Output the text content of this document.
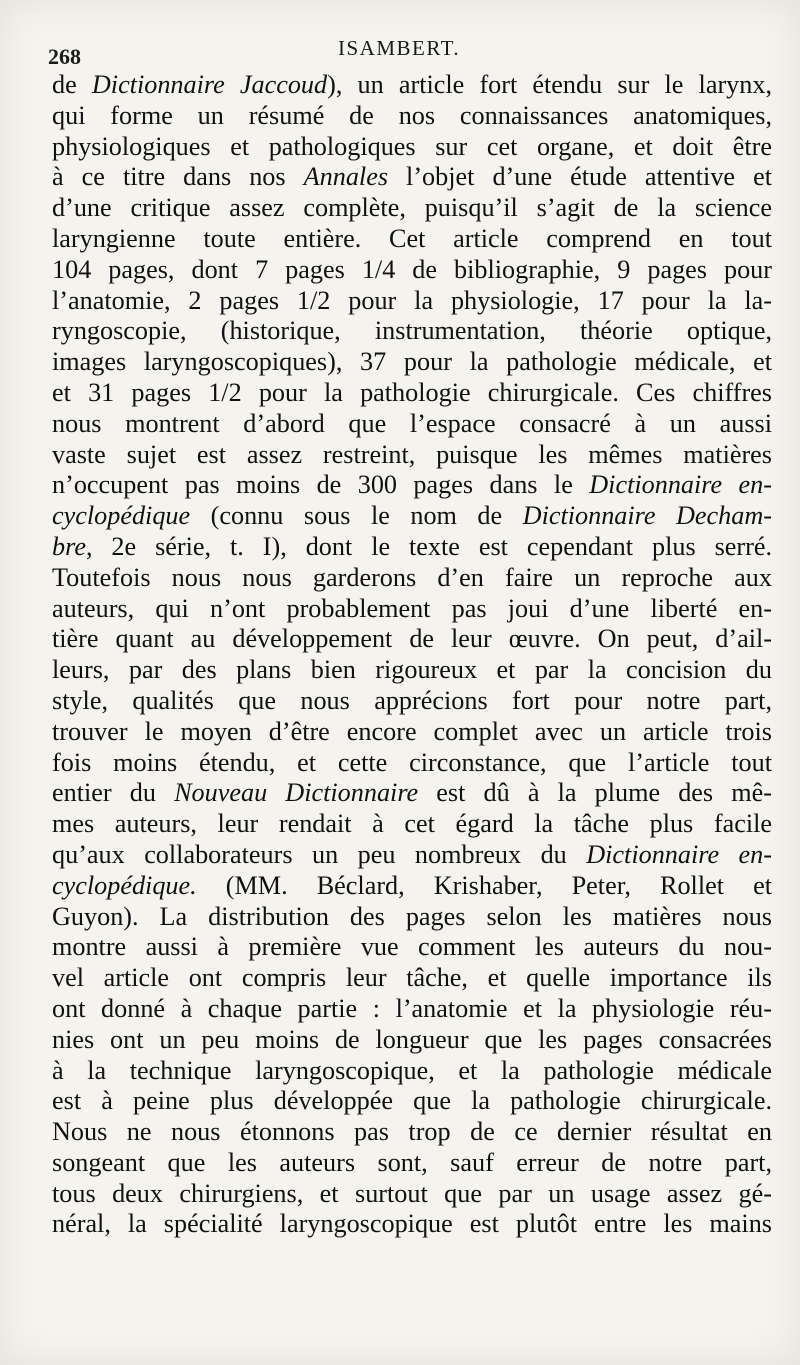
268	ISAMBERT.
de Dictionnaire Jaccoud), un article fort étendu sur le larynx,
qui forme un résumé de nos connaissances anatomiques,
physiologiques et pathologiques sur cet organe, et doit être
à ce titre dans nos Annales l’objet d’une étude attentive et
d’une critique assez complète, puisqu’il s’agit de la science
laryngienne toute entière. Cet article comprend en tout
104 pages, dont 7 pages 1/4 de bibliographie, 9 pages pour
l’anatomie, 2 pages 1/2 pour la physiologie, 17 pour la la-
ryngoscopie, (historique, instrumentation, théorie optique,
images laryngoscopiques), 37 pour la pathologie médicale, et
et 31 pages 1/2 pour la pathologie chirurgicale. Ces chiffres
nous montrent d’abord que l’espace consacré à un aussi
vaste sujet est assez restreint, puisque les mêmes matières
n’occupent pas moins de 300 pages dans le Dictionnaire en-
cyclopédique (connu sous le nom de Dictionnaire Decham-
bre, 2e série, t. I), dont le texte est cependant plus serré.
Toutefois nous nous garderons d’en faire un reproche aux
auteurs, qui n’ont probablement pas joui d’une liberté en-
tière quant au développement de leur œuvre. On peut, d’ail-
leurs, par des plans bien rigoureux et par la concision du
style, qualités que nous apprécions fort pour notre part,
trouver le moyen d’être encore complet avec un article trois
fois moins étendu, et cette circonstance, que l’article tout
entier du Nouveau Dictionnaire est dû à la plume des mê-
mes auteurs, leur rendait à cet égard la tâche plus facile
qu’aux collaborateurs un peu nombreux du Dictionnaire en-
cyclopédique. (MM. Béclard, Krishaber, Peter, Rollet et
Guyon). La distribution des pages selon les matières nous
montre aussi à première vue comment les auteurs du nou-
vel article ont compris leur tâche, et quelle importance ils
ont donné à chaque partie : l’anatomie et la physiologie réu-
nies ont un peu moins de longueur que les pages consacrées
à la technique laryngoscopique, et la pathologie médicale
est à peine plus développée que la pathologie chirurgicale.
Nous ne nous étonnons pas trop de ce dernier résultat en
songeant que les auteurs sont, sauf erreur de notre part,
tous deux chirurgiens, et surtout que par un usage assez gé-
néral, la spécialité laryngoscopique est plutôt entre les mains
